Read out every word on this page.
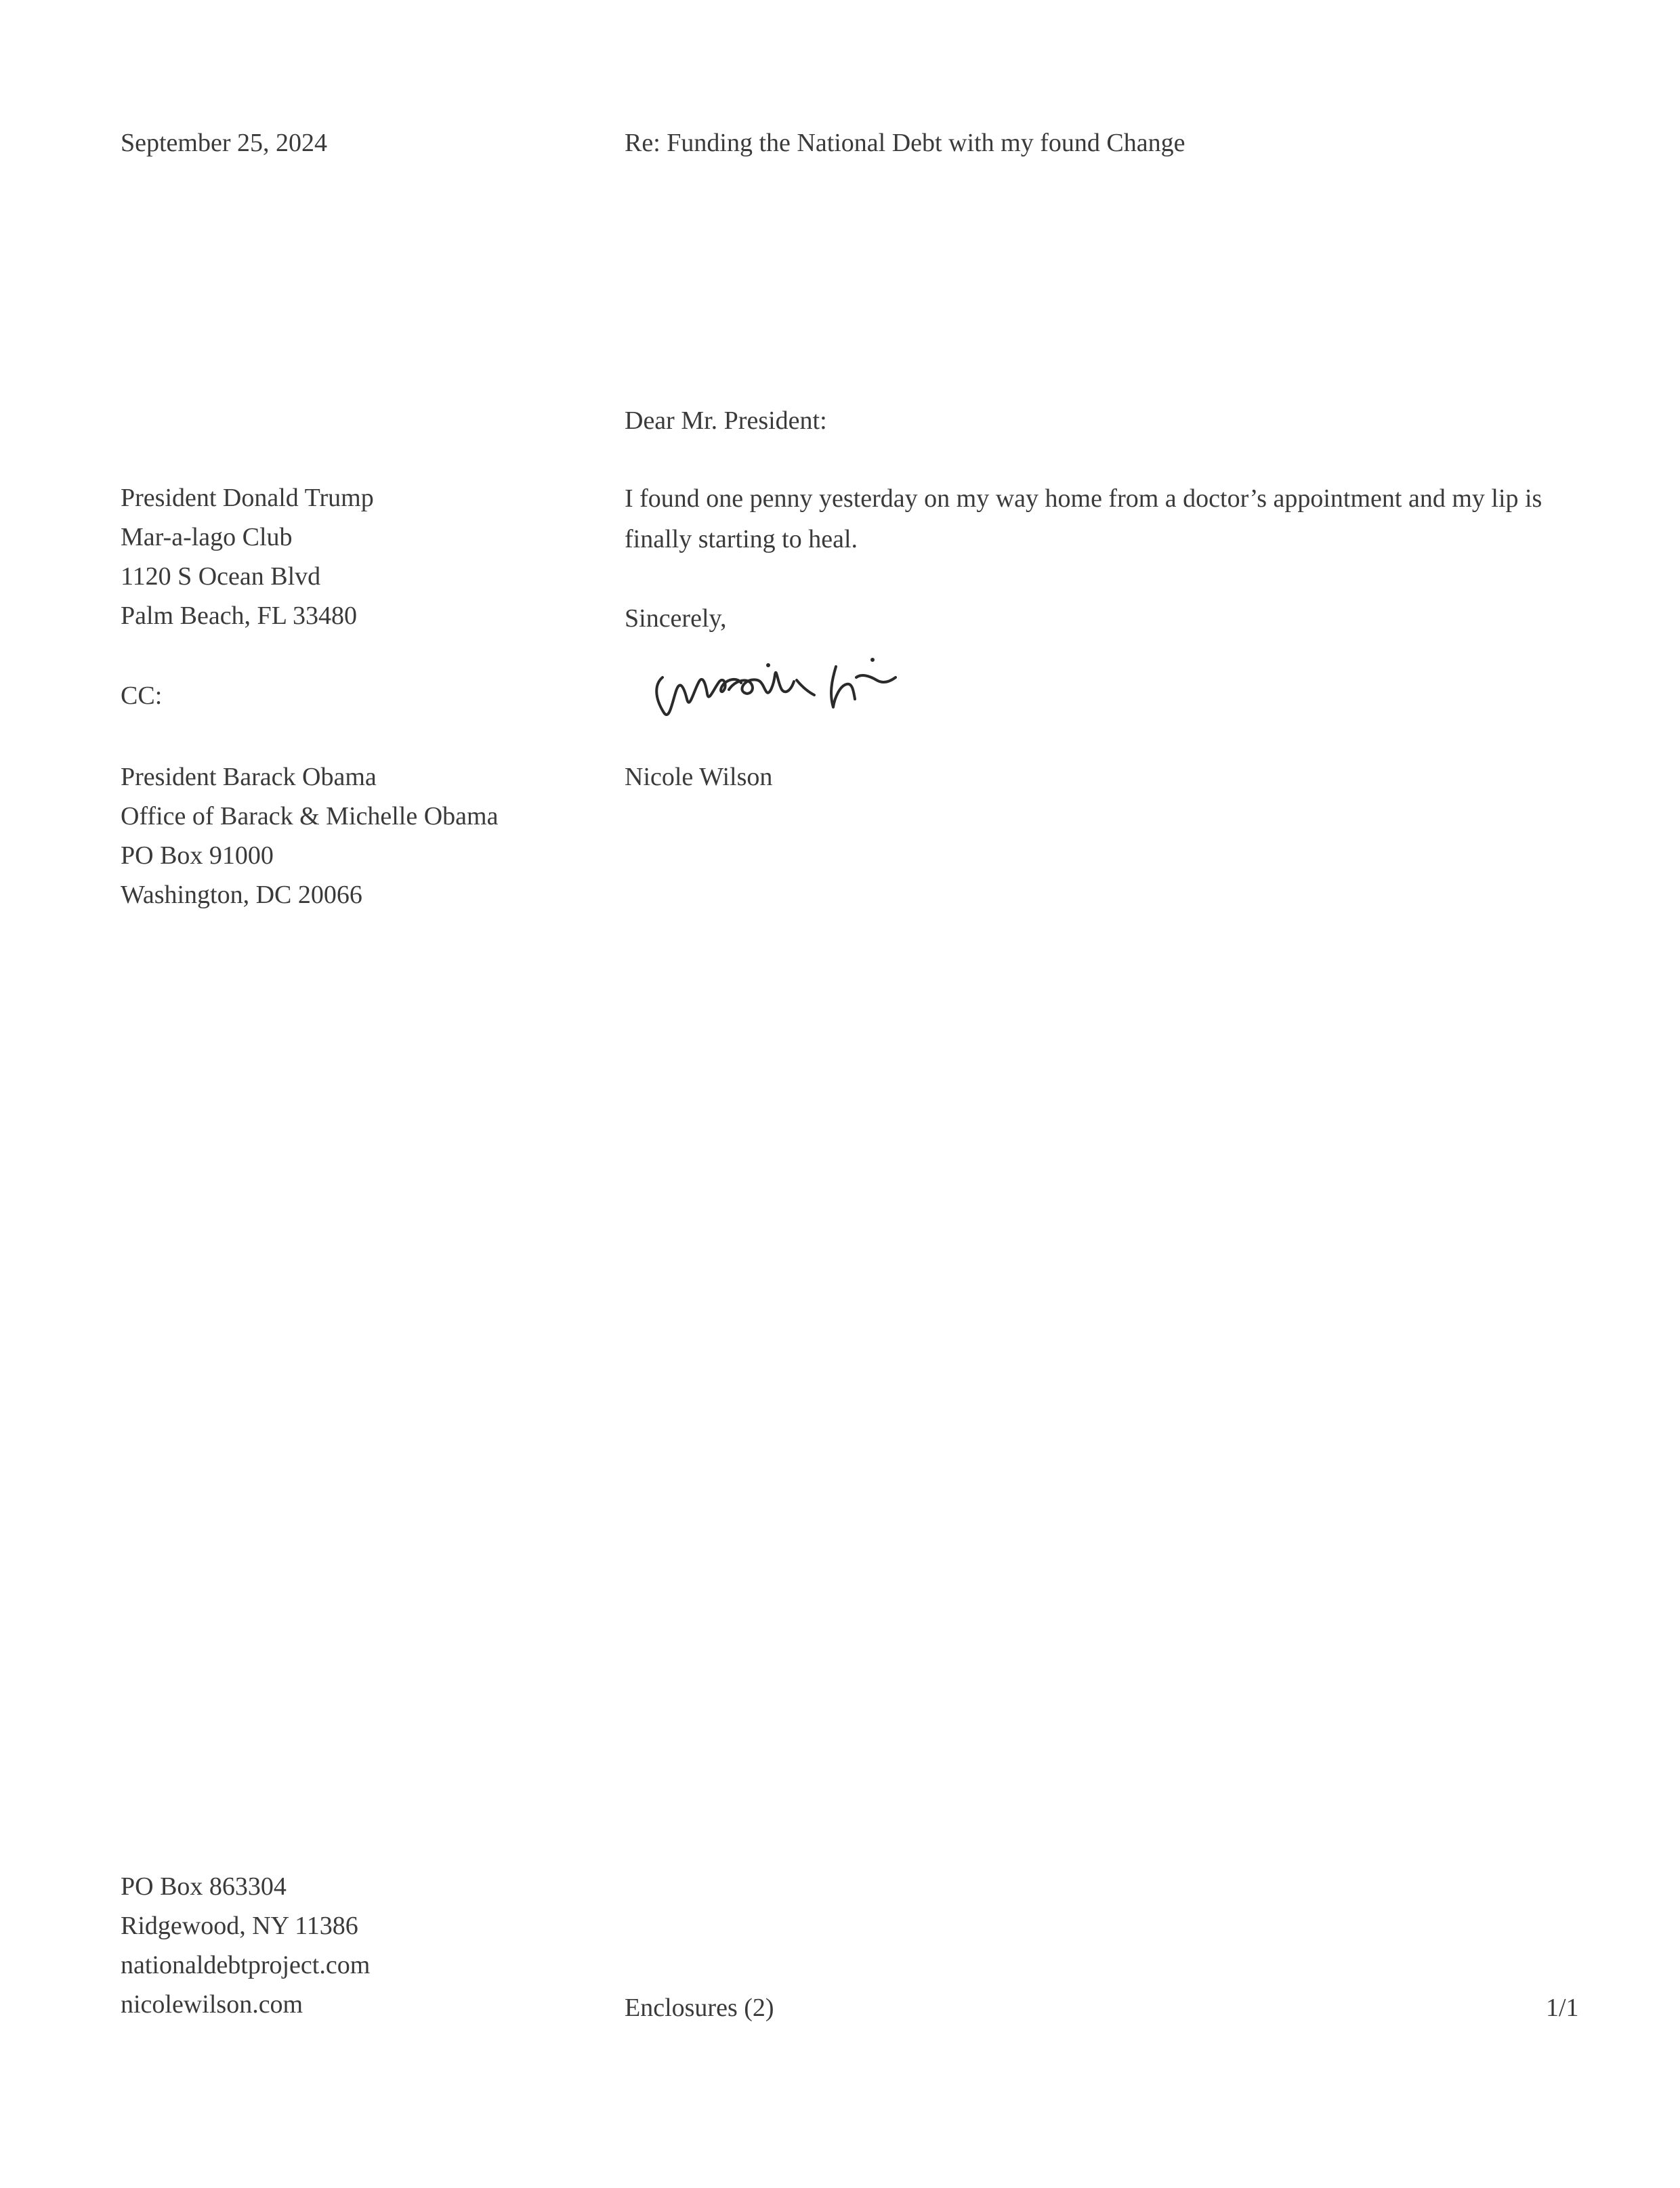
September 25, 2024	Re: Funding the National Debt with my found Change
Dear Mr. President:
President Donald Trump
Mar-a-lago Club
1120 S Ocean Blvd
Palm Beach, FL 33480
I found one penny yesterday on my way home from a doctor’s appointment and my lip is finally starting to heal.
Sincerely,
CC:
Nicole Wilson
President Barack Obama
Office of Barack & Michelle Obama
PO Box 91000
Washington, DC 20066
PO Box 863304
Ridgewood, NY 11386
nationaldebtproject.com
nicolewilson.com	Enclosures (2)	1/1
